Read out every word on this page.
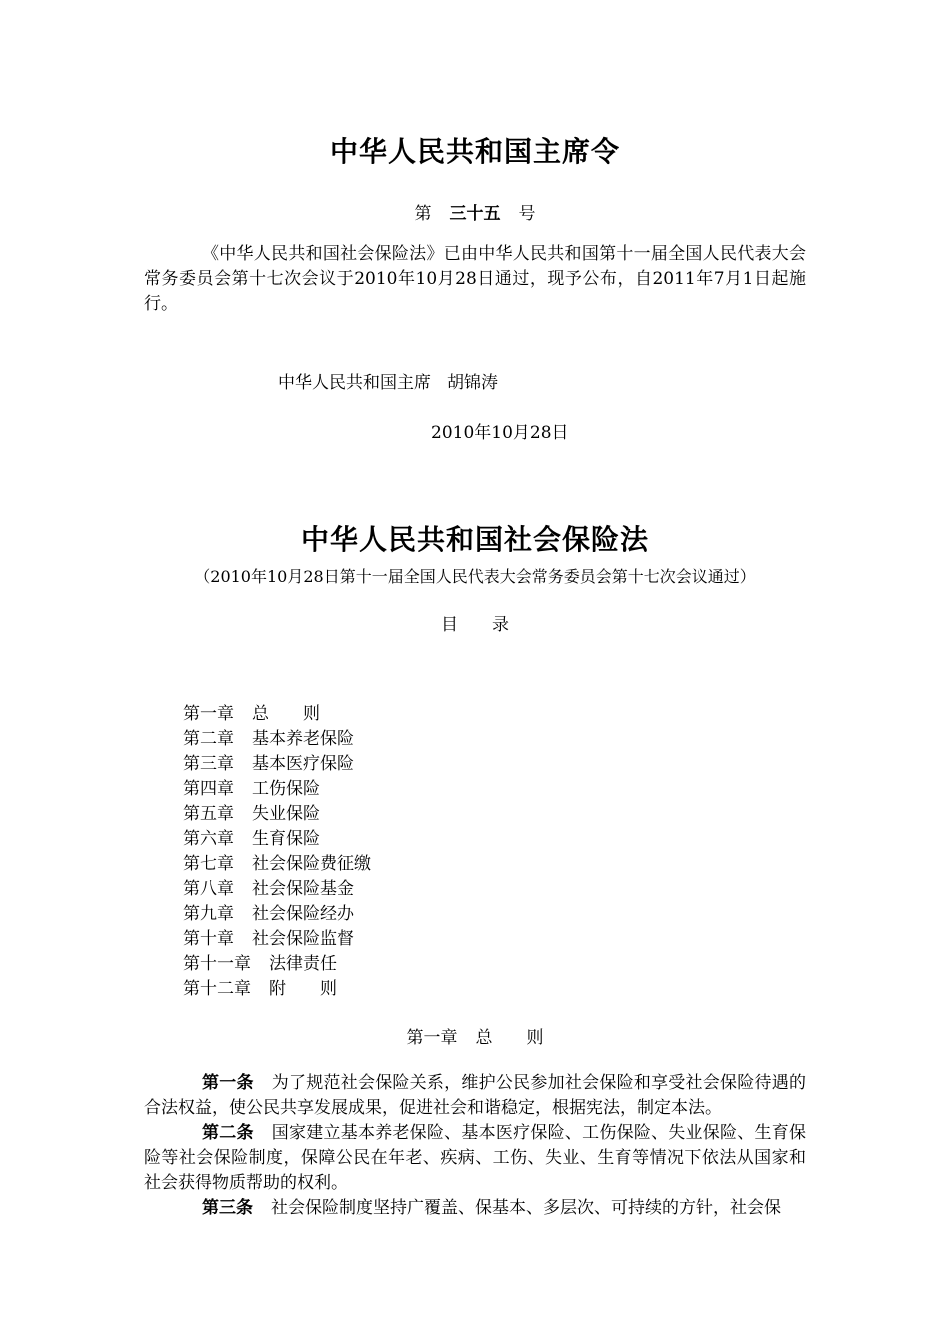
中华人民共和国主席令
第 三十五 号
《中华人民共和国社会保险法》已由中华人民共和国第十一届全国人民代表大会常务委员会第十七次会议于2010年10月28日通过，现予公布，自2011年7月1日起施行。
中华人民共和国主席 胡锦涛
2010年10月28日
中华人民共和国社会保险法
（2010年10月28日第十一届全国人民代表大会常务委员会第十七次会议通过）
目 录
第一章 总　　则
第二章 基本养老保险
第三章 基本医疗保险
第四章 工伤保险
第五章 失业保险
第六章 生育保险
第七章 社会保险费征缴
第八章 社会保险基金
第九章 社会保险经办
第十章 社会保险监督
第十一章 法律责任
第十二章 附　　则
第一章 总　　则
第一条 为了规范社会保险关系，维护公民参加社会保险和享受社会保险待遇的合法权益，使公民共享发展成果，促进社会和谐稳定，根据宪法，制定本法。
第二条 国家建立基本养老保险、基本医疗保险、工伤保险、失业保险、生育保险等社会保险制度，保障公民在年老、疾病、工伤、失业、生育等情况下依法从国家和社会获得物质帮助的权利。
第三条 社会保险制度坚持广覆盖、保基本、多层次、可持续的方针，社会保
